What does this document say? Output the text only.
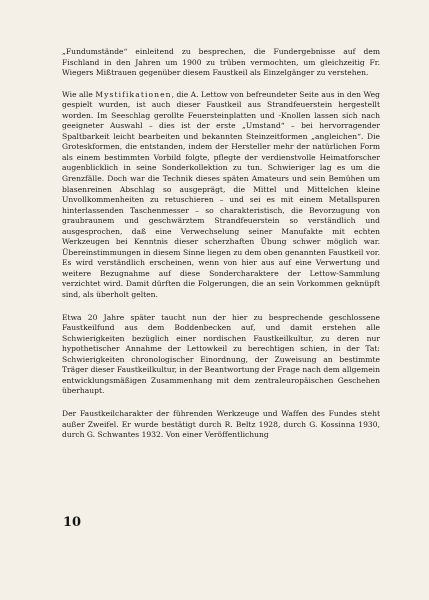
„Fundumstände“ einleitend zu besprechen, die Fundergebnisse auf dem Fischland in den Jahren um 1900 zu trüben vermochten, um gleichzeitig Fr. Wiegers Mißtrauen gegenüber diesem Faustkeil als Einzelgänger zu verstehen.

Wie alle Mystifikationen, die A. Lettow von befreundeter Seite aus in den Weg gespielt wurden, ist auch dieser Faustkeil aus Strandfeuerstein hergestellt worden. Im Seeschlag gerollte Feuersteinplatten und -Knollen lassen sich nach geeigneter Auswahl – dies ist der erste „Umstand“ – bei hervorragender Spaltbarkeit leicht bearbeiten und bekannten Steinzeitformen „angleichen“. Die Groteskformen, die entstanden, indem der Hersteller mehr der natürlichen Form als einem bestimmten Vorbild folgte, pflegte der verdienstvolle Heimatforscher augenblicklich in seine Sonderkollektion zu tun. Schwieriger lag es um die Grenzfälle. Doch war die Technik dieses späten Amateurs und sein Bemühen um blasenreinen Abschlag so ausgeprägt, die Mittel und Mittelchen kleine Unvollkommenheiten zu retuschieren – und sei es mit einem Metallspuren hinterlassenden Taschenmesser – so charakteristisch, die Bevorzugung von graubraunem und geschwärztem Strandfeuerstein so verständlich und ausgesprochen, daß eine Verwechselung seiner Manufakte mit echten Werkzeugen bei Kenntnis dieser scherzhaften Übung schwer möglich war. Übereinstimmungen in diesem Sinne liegen zu dem oben genannten Faustkeil vor. Es wird verständlich erscheinen, wenn von hier aus auf eine Verwertung und weitere Bezugnahme auf diese Sondercharaktere der Lettow-Sammlung verzichtet wird. Damit dürften die Folgerungen, die an sein Vorkommen geknüpft sind, als überholt gelten.

Etwa 20 Jahre später taucht nun der hier zu besprechende geschlossene Faustkeilfund aus dem Boddenbecken auf, und damit erstehen alle Schwierigkeiten bezüglich einer nordischen Faustkeilkultur, zu deren nur hypothetischer Annahme der Lettowkeil zu berechtigen schien, in der Tat: Schwierigkeiten chronologischer Einordnung, der Zuweisung an bestimmte Träger dieser Faustkeilkultur, in der Beantwortung der Frage nach dem allgemein entwicklungsmäßigen Zusammenhang mit dem zentraleuropäischen Geschehen überhaupt.

Der Faustkeilcharakter der führenden Werkzeuge und Waffen des Fundes steht außer Zweifel. Er wurde bestätigt durch R. Beltz 1928, durch G. Kossinna 1930, durch G. Schwantes 1932. Von einer Veröffentlichung

10
